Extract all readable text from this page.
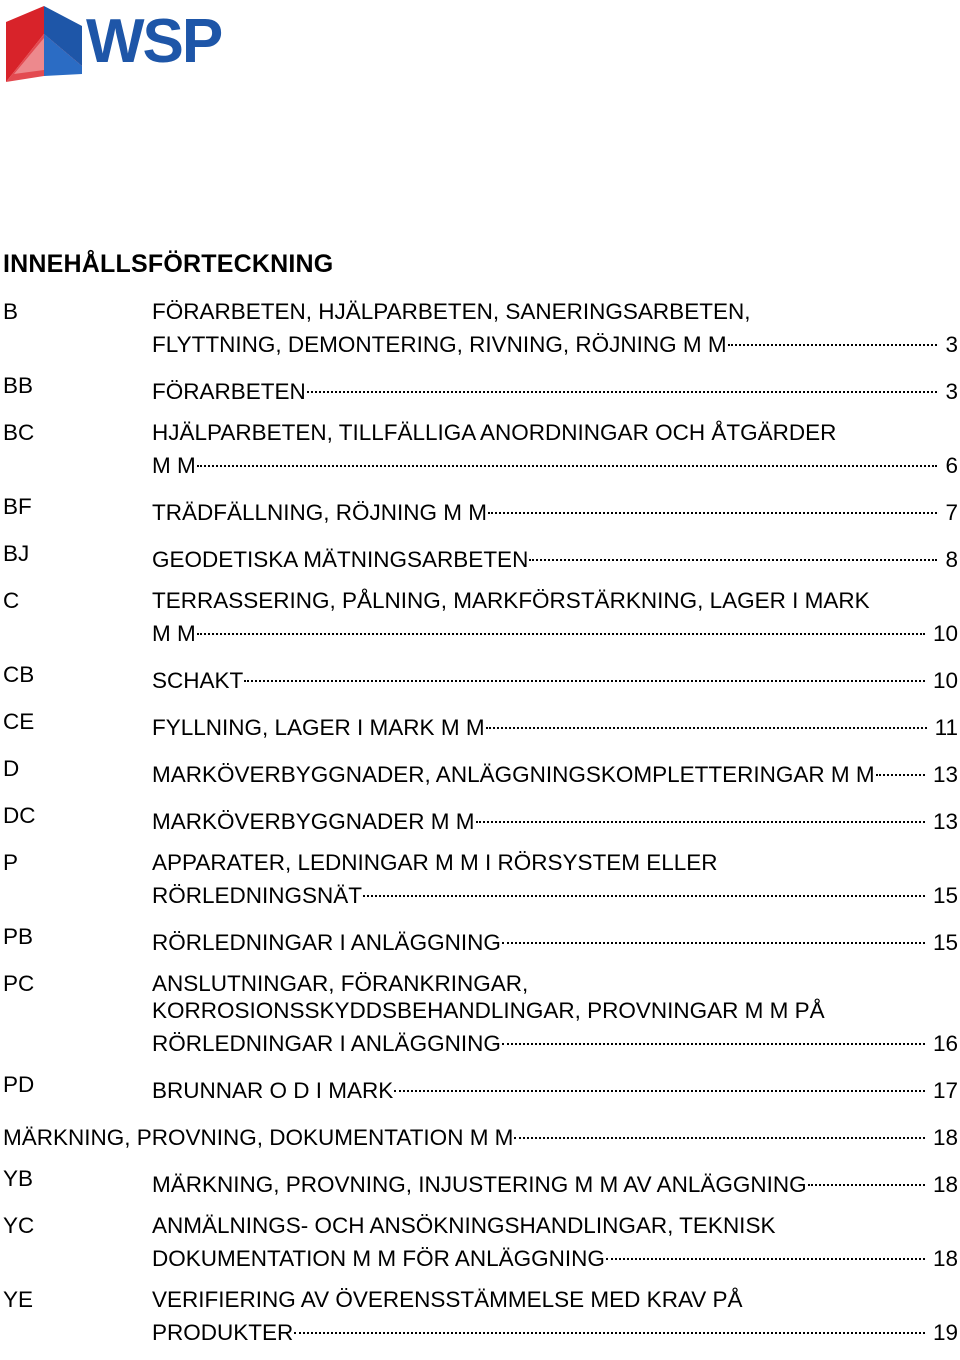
WSP
INNEHÅLLSFÖRTECKNING
B	FÖRARBETEN, HJÄLPARBETEN, SANERINGSARBETEN,
FLYTTNING, DEMONTERING, RIVNING, RÖJNING M M	3
BB	FÖRARBETEN	3
BC	HJÄLPARBETEN, TILLFÄLLIGA ANORDNINGAR OCH ÅTGÄRDER
M M	6
BF	TRÄDFÄLLNING, RÖJNING M M	7
BJ	GEODETISKA MÄTNINGSARBETEN	8
C	TERRASSERING, PÅLNING, MARKFÖRSTÄRKNING, LAGER I MARK
M M	10
CB	SCHAKT	10
CE	FYLLNING, LAGER I MARK M M	11
D	MARKÖVERBYGGNADER, ANLÄGGNINGSKOMPLETTERINGAR M M	13
DC	MARKÖVERBYGGNADER M M	13
P	APPARATER, LEDNINGAR M M I RÖRSYSTEM ELLER
RÖRLEDNINGSNÄT	15
PB	RÖRLEDNINGAR I ANLÄGGNING	15
PC	ANSLUTNINGAR, FÖRANKRINGAR,
KORROSIONSSKYDDSBEHANDLINGAR, PROVNINGAR M M PÅ
RÖRLEDNINGAR I ANLÄGGNING	16
PD	BRUNNAR O D I MARK	17
MÄRKNING, PROVNING, DOKUMENTATION M M	18
YB	MÄRKNING, PROVNING, INJUSTERING M M AV ANLÄGGNING	18
YC	ANMÄLNINGS- OCH ANSÖKNINGSHANDLINGAR, TEKNISK
DOKUMENTATION M M FÖR ANLÄGGNING	18
YE	VERIFIERING AV ÖVERENSSTÄMMELSE MED KRAV PÅ
PRODUKTER	19
